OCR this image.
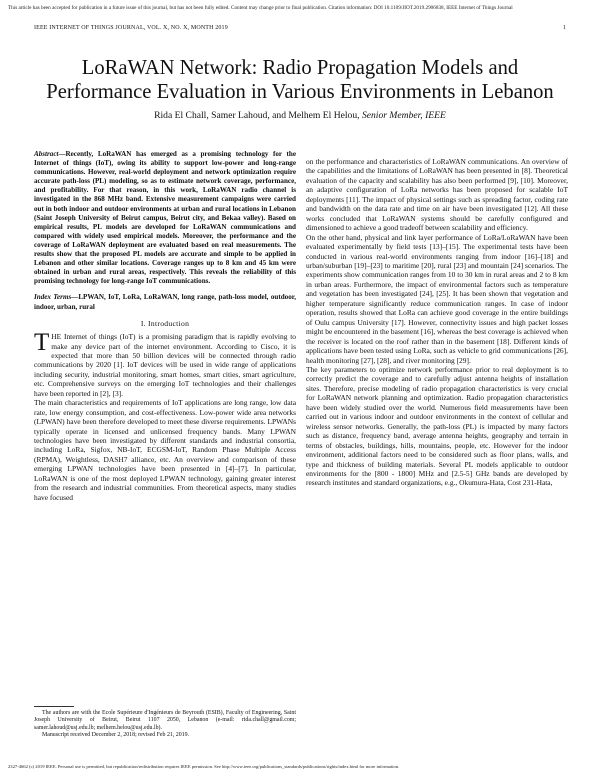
This article has been accepted for publication in a future issue of this journal, but has not been fully edited. Content may change prior to final publication. Citation information: DOI 10.1109/JIOT.2019.2906838, IEEE Internet of Things Journal
IEEE INTERNET OF THINGS JOURNAL, VOL. X, NO. X, MONTH 2019	1
LoRaWAN Network: Radio Propagation Models and Performance Evaluation in Various Environments in Lebanon
Rida El Chall, Samer Lahoud, and Melhem El Helou, Senior Member, IEEE

Abstract—Recently, LoRaWAN has emerged as a promising technology for the Internet of things (IoT), owing its ability to support low-power and long-range communications. However, real-world deployment and network optimization require accurate path-loss (PL) modeling, so as to estimate network coverage, performance, and profitability. For that reason, in this work, LoRaWAN radio channel is investigated in the 868 MHz band. Extensive measurement campaigns were carried out in both indoor and outdoor environments at urban and rural locations in Lebanon (Saint Joseph University of Beirut campus, Beirut city, and Bekaa valley). Based on empirical results, PL models are developed for LoRaWAN communications and compared with widely used empirical models. Moreover, the performance and the coverage of LoRaWAN deployment are evaluated based on real measurements. The results show that the proposed PL models are accurate and simple to be applied in Lebanon and other similar locations. Coverage ranges up to 8 km and 45 km were obtained in urban and rural areas, respectively. This reveals the reliability of this promising technology for long-range IoT communications.

Index Terms—LPWAN, IoT, LoRa, LoRaWAN, long range, path-loss model, outdoor, indoor, urban, rural

I. Introduction

THE Internet of things (IoT) is a promising paradigm that is rapidly evolving to make any device part of the internet environment. According to Cisco, it is expected that more than 50 billion devices will be connected through radio communications by 2020 [1]. IoT devices will be used in wide range of applications including security, industrial monitoring, smart homes, smart cities, smart agriculture, etc. Comprehensive surveys on the emerging IoT technologies and their challenges have been reported in [2], [3].

The main characteristics and requirements of IoT applications are long range, low data rate, low energy consumption, and cost-effectiveness. Low-power wide area networks (LPWAN) have been therefore developed to meet these diverse requirements. LPWANs typically operate in licensed and unlicensed frequency bands. Many LPWAN technologies have been investigated by different standards and industrial consortia, including LoRa, Sigfox, NB-IoT, ECGSM-IoT, Random Phase Multiple Access (RPMA), Weightless, DASH7 alliance, etc. An overview and comparison of these emerging LPWAN technologies have been presented in [4]–[7]. In particular, LoRaWAN is one of the most deployed LPWAN technology, gaining greater interest from the research and industrial communities. From theoretical aspects, many studies have focused

The authors are with the Ecole Supérieure d'Ingénieurs de Beyrouth (ESIB), Faculty of Engineering, Saint Joseph University of Beirut, Beirut 1107 2050, Lebanon (e-mail: rida.chall@gmail.com; samer.lahoud@usj.edu.lb; melhem.helou@usj.edu.lb).
Manuscript received December 2, 2018; revised Feb 21, 2019.

on the performance and characteristics of LoRaWAN communications. An overview of the capabilities and the limitations of LoRaWAN has been presented in [8]. Theoretical evaluation of the capacity and scalability has also been performed [9], [10]. Moreover, an adaptive configuration of LoRa networks has been proposed for scalable IoT deployments [11]. The impact of physical settings such as spreading factor, coding rate and bandwidth on the data rate and time on air have been investigated [12]. All these works concluded that LoRaWAN systems should be carefully configured and dimensioned to achieve a good tradeoff between scalability and efficiency.

On the other hand, physical and link layer performance of LoRa/LoRaWAN have been evaluated experimentally by field tests [13]–[15]. The experimental tests have been conducted in various real-world environments ranging from indoor [16]–[18] and urban/suburban [19]–[23] to maritime [20], rural [23] and mountain [24] scenarios. The experiments show communication ranges from 10 to 30 km in rural areas and 2 to 8 km in urban areas. Furthermore, the impact of environmental factors such as temperature and vegetation has been investigated [24], [25]. It has been shown that vegetation and higher temperature significantly reduce communication ranges. In case of indoor operation, results showed that LoRa can achieve good coverage in the entire buildings of Oulu campus University [17]. However, connectivity issues and high packet losses might be encountered in the basement [16], whereas the best coverage is achieved when the receiver is located on the roof rather than in the basement [18]. Different kinds of applications have been tested using LoRa, such as vehicle to grid communications [26], health monitoring [27], [28], and river monitoring [29].

The key parameters to optimize network performance prior to real deployment is to correctly predict the coverage and to carefully adjust antenna heights of installation sites. Therefore, precise modeling of radio propagation characteristics is very crucial for LoRaWAN network planning and optimization. Radio propagation characteristics have been widely studied over the world. Numerous field measurements have been carried out in various indoor and outdoor environments in the context of cellular and wireless sensor networks. Generally, the path-loss (PL) is impacted by many factors such as distance, frequency band, average antenna heights, geography and terrain in terms of obstacles, buildings, hills, mountains, people, etc. However for the indoor environment, additional factors need to be considered such as floor plans, walls, and type and thickness of building materials. Several PL models applicable to outdoor environments for the [800 - 1800] MHz and [2.5-5] GHz bands are developed by research institutes and standard organizations, e.g., Okumura-Hata, Cost 231-Hata,

2327-4662 (c) 2019 IEEE. Personal use is permitted, but republication/redistribution requires IEEE permission. See http://www.ieee.org/publications_standards/publications/rights/index.html for more information.
